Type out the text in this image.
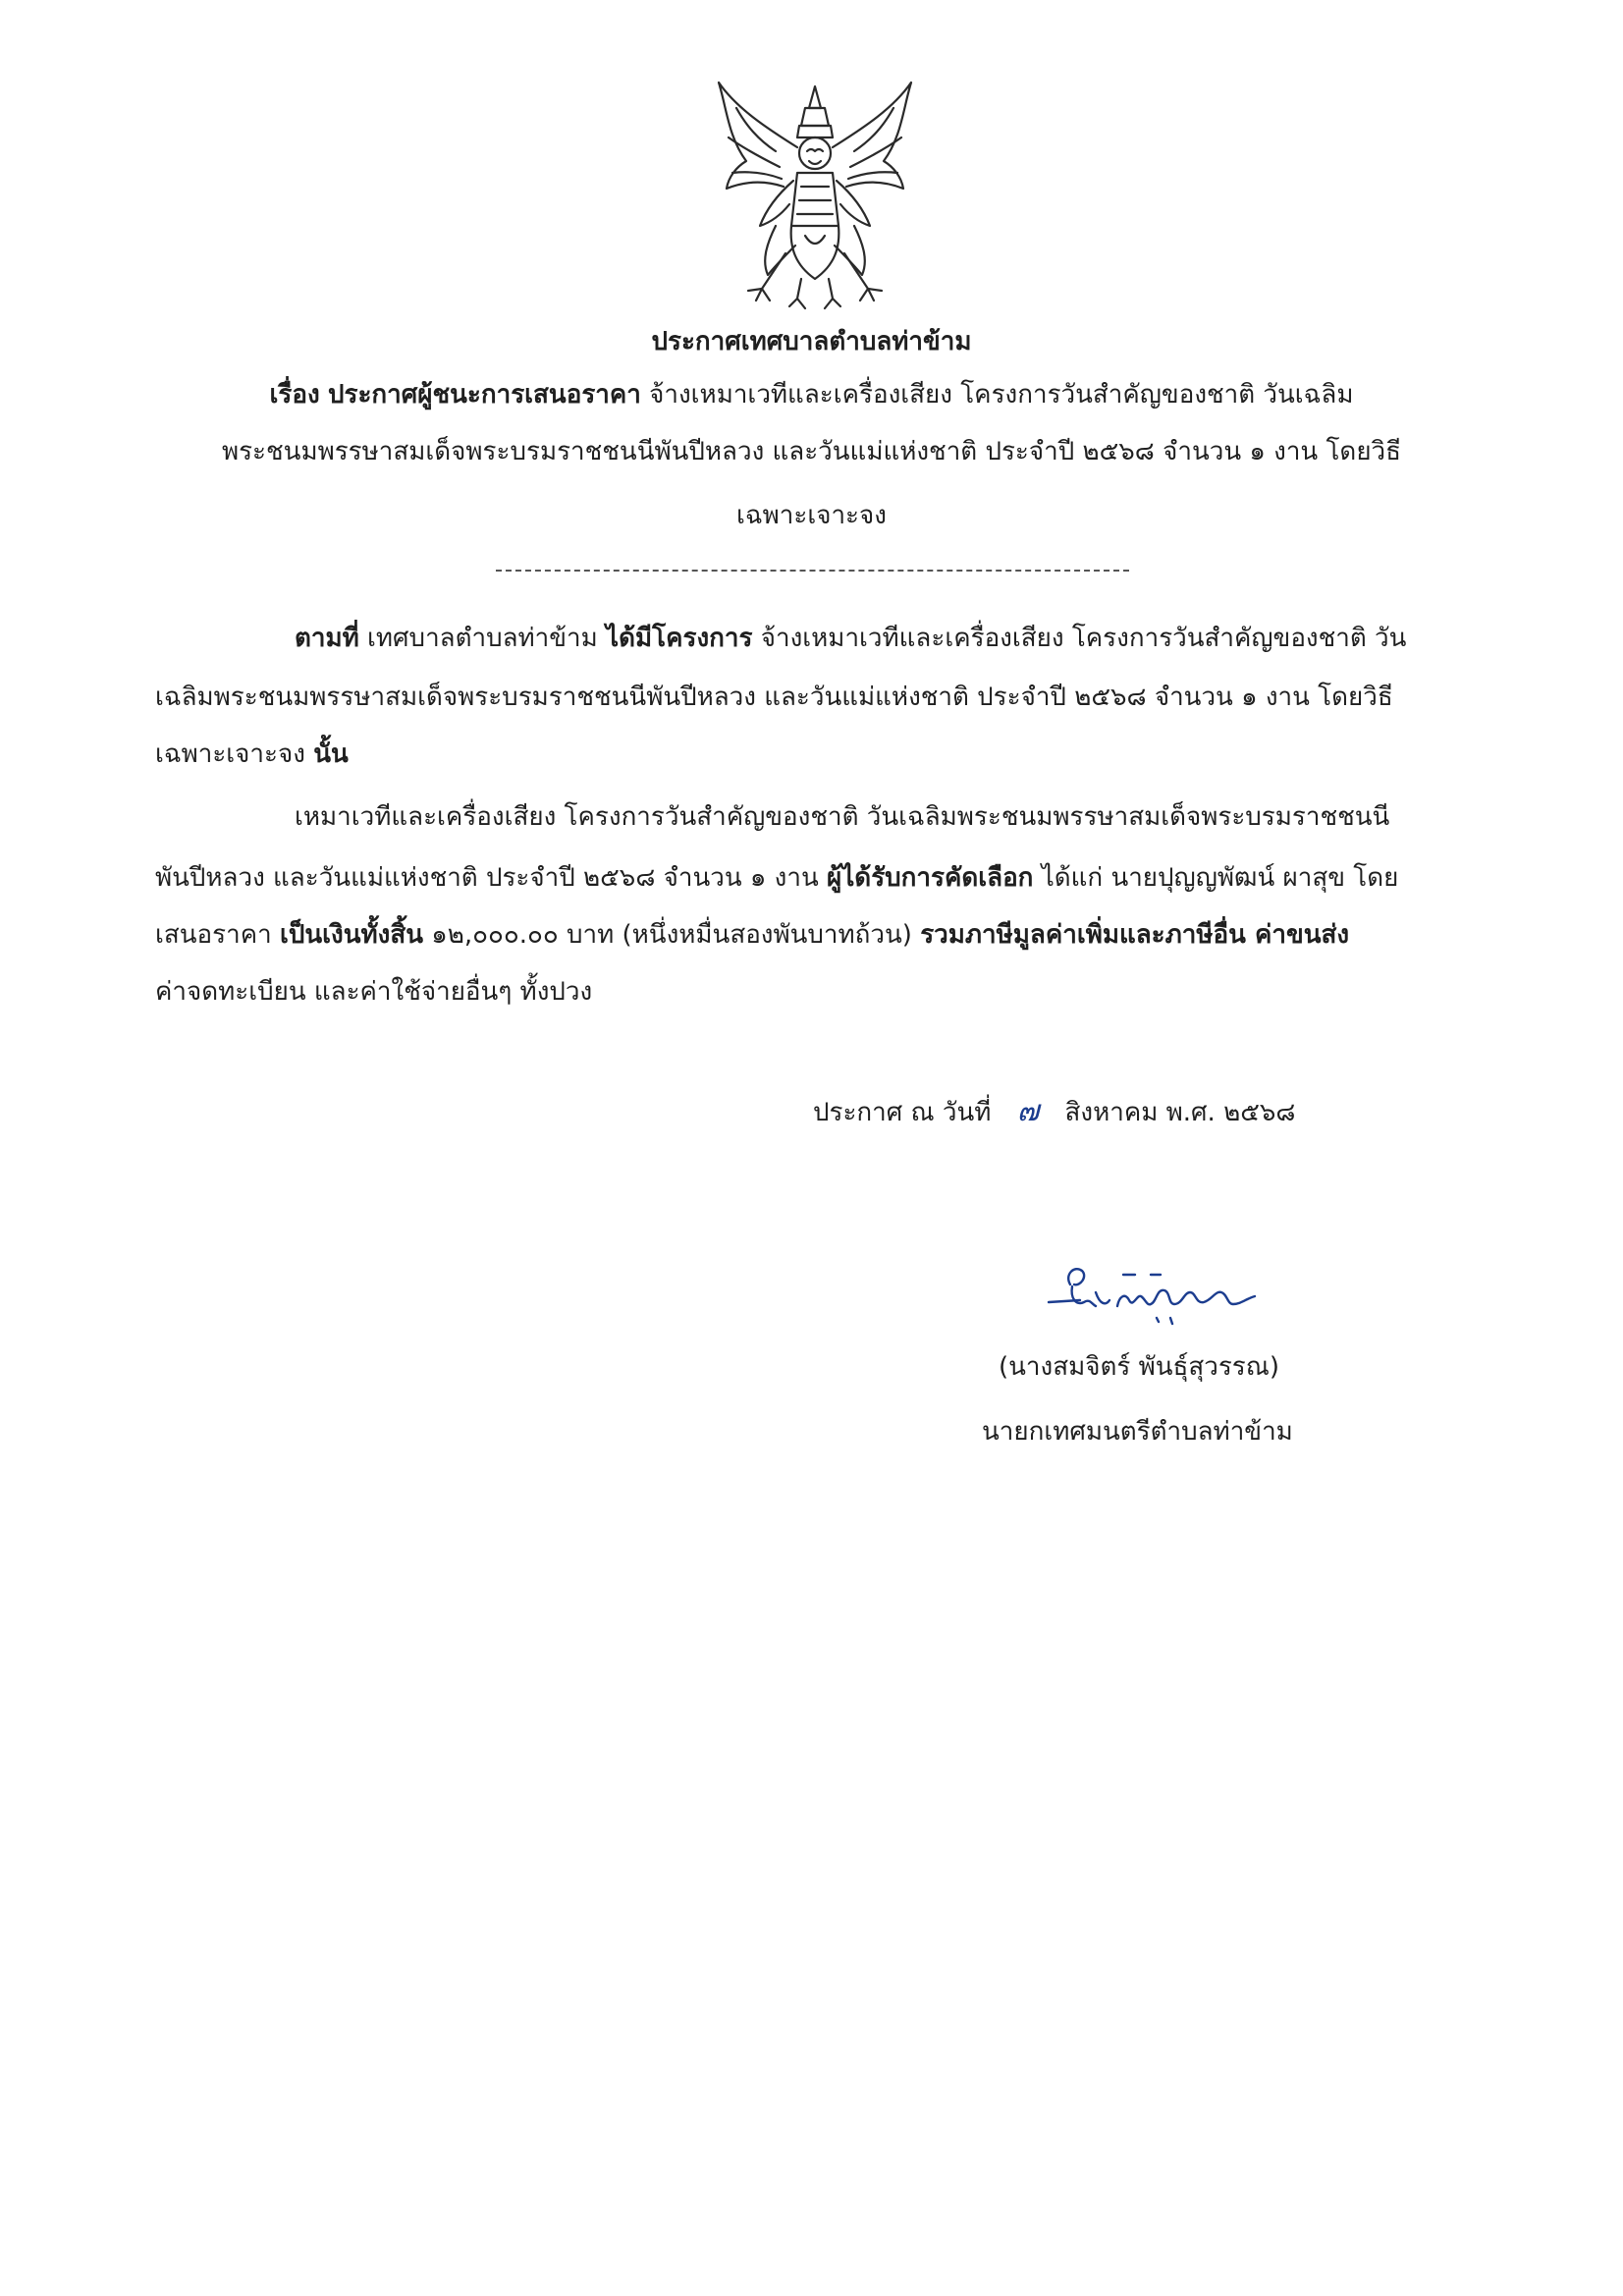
ประกาศเทศบาลตำบลท่าข้าม
เรื่อง ประกาศผู้ชนะการเสนอราคา จ้างเหมาเวทีและเครื่องเสียง โครงการวันสำคัญของชาติ วันเฉลิม
พระชนมพรรษาสมเด็จพระบรมราชชนนีพันปีหลวง และวันแม่แห่งชาติ ประจำปี ๒๕๖๘ จำนวน ๑ งาน โดยวิธี
เฉพาะเจาะจง
ตามที่ เทศบาลตำบลท่าข้าม ได้มีโครงการ จ้างเหมาเวทีและเครื่องเสียง โครงการวันสำคัญของชาติ วัน
เฉลิมพระชนมพรรษาสมเด็จพระบรมราชชนนีพันปีหลวง และวันแม่แห่งชาติ ประจำปี ๒๕๖๘ จำนวน ๑ งาน โดยวิธี
เฉพาะเจาะจง นั้น
เหมาเวทีและเครื่องเสียง โครงการวันสำคัญของชาติ วันเฉลิมพระชนมพรรษาสมเด็จพระบรมราชชนนี
พันปีหลวง และวันแม่แห่งชาติ ประจำปี ๒๕๖๘ จำนวน ๑ งาน ผู้ได้รับการคัดเลือก ได้แก่ นายปุญญพัฒน์ ผาสุข โดย
เสนอราคา เป็นเงินทั้งสิ้น ๑๒,๐๐๐.๐๐ บาท (หนึ่งหมื่นสองพันบาทถ้วน) รวมภาษีมูลค่าเพิ่มและภาษีอื่น ค่าขนส่ง
ค่าจดทะเบียน และค่าใช้จ่ายอื่นๆ ทั้งปวง
ประกาศ ณ วันที่ ๗ สิงหาคม พ.ศ. ๒๕๖๘
(นางสมจิตร์ พันธุ์สุวรรณ)
นายกเทศมนตรีตำบลท่าข้าม
